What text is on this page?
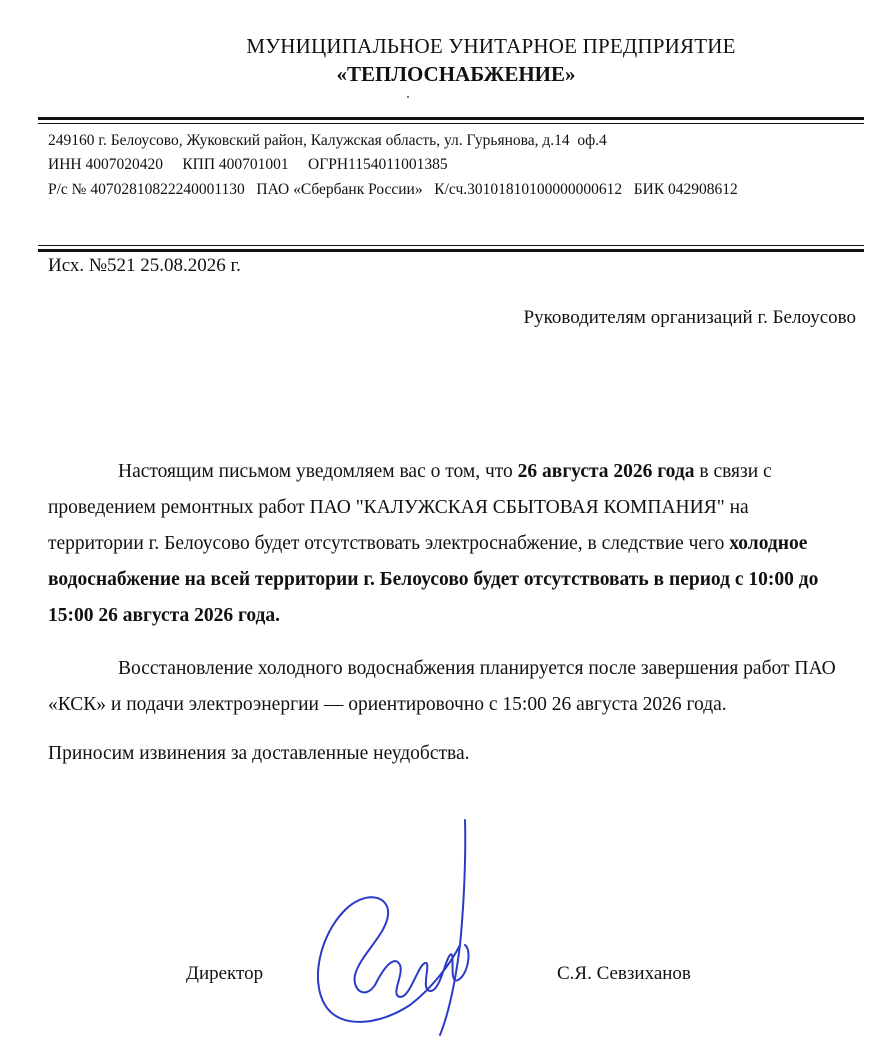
МУНИЦИПАЛЬНОЕ УНИТАРНОЕ ПРЕДПРИЯТИЕ
«ТЕПЛОСНАБЖЕНИЕ»
249160 г. Белоусово, Жуковский район, Калужская область, ул. Гурьянова, д.14  оф.4
ИНН 4007020420     КПП 400701001     ОГРН1154011001385
Р/с № 40702810822240001130   ПАО «Сбербанк России»   К/сч.30101810100000000612   БИК 042908612
Исх. №521 25.08.2026 г.
Руководителям организаций г. Белоусово

Настоящим письмом уведомляем вас о том, что 26 августа 2026 года в связи с проведением ремонтных работ ПАО "КАЛУЖСКАЯ СБЫТОВАЯ КОМПАНИЯ" на территории г. Белоусово будет отсутствовать электроснабжение, в следствие чего холодное водоснабжение на всей территории г. Белоусово будет отсутствовать в период с 10:00 до 15:00 26 августа 2026 года.

Восстановление холодного водоснабжения планируется после завершения работ ПАО «КСК» и подачи электроэнергии — ориентировочно с 15:00 26 августа 2026 года.

Приносим извинения за доставленные неудобства.

Директор	С.Я. Севзиханов
